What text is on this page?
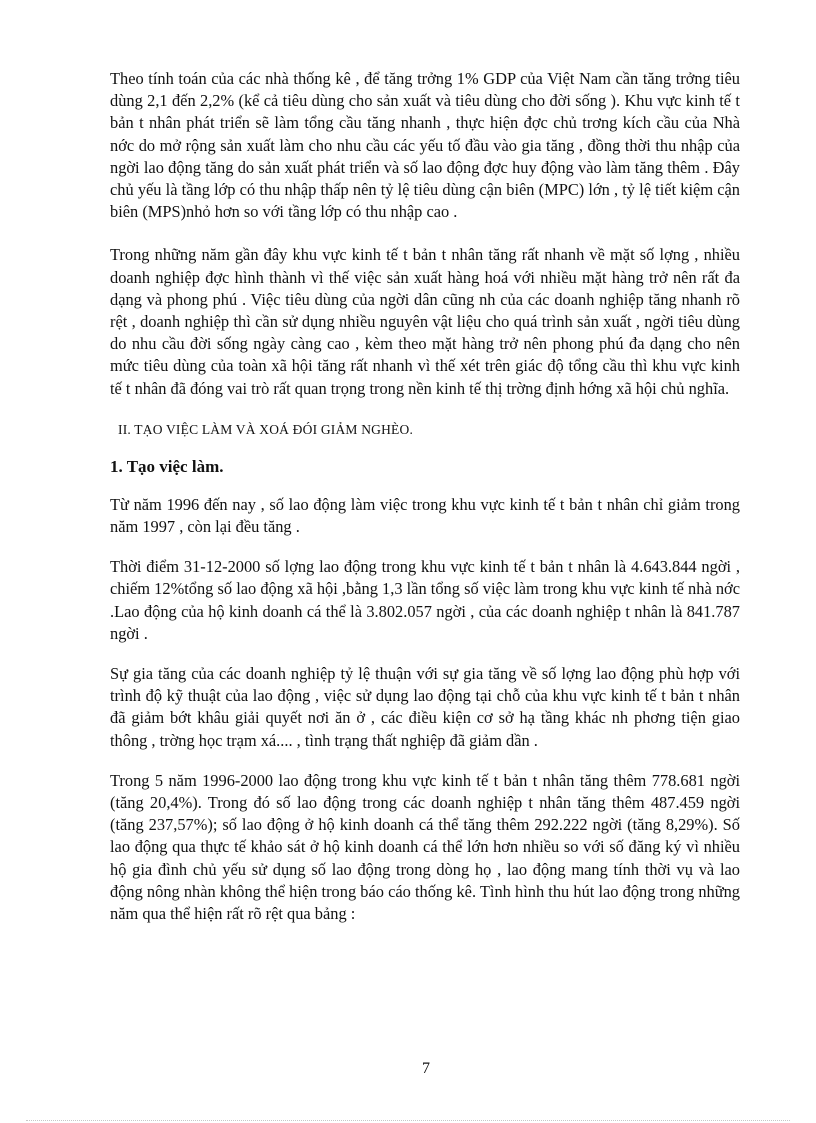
Theo tính toán của các nhà thống kê , để tăng trởng 1% GDP của Việt Nam cần tăng trởng tiêu dùng 2,1 đến 2,2% (kể cả tiêu dùng cho sản xuất và tiêu dùng cho đời sống ). Khu vực kinh tế t bản t nhân phát triển sẽ làm tổng cầu tăng nhanh , thực hiện đợc chủ trơng kích cầu của Nhà nớc do mở rộng sản xuất làm cho nhu cầu các yếu tố đầu vào gia tăng , đồng thời thu nhập của ngời lao động tăng do sản xuất phát triển và số lao động đợc huy động vào làm tăng thêm . Đây chủ yếu là tầng lớp có thu nhập thấp nên tỷ lệ tiêu dùng cận biên (MPC) lớn , tỷ lệ tiết kiệm cận biên (MPS)nhỏ hơn so với tầng lớp có thu nhập cao .

Trong những năm gần đây khu vực kinh tế t bản t nhân tăng rất nhanh về mặt số lợng , nhiều doanh nghiệp đợc hình thành vì thế việc sản xuất hàng hoá với nhiều mặt hàng trở nên rất đa dạng và phong phú . Việc tiêu dùng của ngời dân cũng nh của các doanh nghiệp tăng nhanh rõ rệt , doanh nghiệp thì cần sử dụng nhiều nguyên vật liệu cho quá trình sản xuất , ngời tiêu dùng do nhu cầu đời sống ngày càng cao , kèm theo mặt hàng trở nên phong phú đa dạng cho nên mức tiêu dùng của toàn xã hội tăng rất nhanh vì thế xét trên giác độ tổng cầu thì khu vực kinh tế t nhân đã đóng vai trò rất quan trọng trong nền kinh tế thị trờng định hớng xã hội chủ nghĩa.

II. TẠO VIỆC LÀM VÀ XOÁ ĐÓI GIẢM NGHÈO.
1. Tạo việc làm.

Từ năm 1996 đến nay , số lao động làm việc trong khu vực kinh tế t bản t nhân chỉ giảm trong năm 1997 , còn lại đều tăng .

Thời điểm 31-12-2000 số lợng lao động trong khu vực kinh tế t bản t nhân là 4.643.844 ngời , chiếm 12%tổng số lao động xã hội ,bằng 1,3 lần tổng số việc làm trong khu vực kinh tế nhà nớc .Lao động của hộ kinh doanh cá thể là 3.802.057 ngời , của các doanh nghiệp t nhân là 841.787 ngời .

Sự gia tăng của các doanh nghiệp tỷ lệ thuận với sự gia tăng về số lợng lao động phù hợp với trình độ kỹ thuật của lao động , việc sử dụng lao động tại chỗ của khu vực kinh tế t bản t nhân đã giảm bớt khâu giải quyết nơi ăn ở , các điều kiện cơ sở hạ tầng khác nh phơng tiện giao thông , trờng học trạm xá.... , tình trạng thất nghiệp đã giảm dần .

Trong 5 năm 1996-2000 lao động trong khu vực kinh tế t bản t nhân tăng thêm 778.681 ngời (tăng 20,4%). Trong đó số lao động trong các doanh nghiệp t nhân tăng thêm 487.459 ngời (tăng 237,57%); số lao động ở hộ kinh doanh cá thể tăng thêm 292.222 ngời (tăng 8,29%). Số lao động qua thực tế khảo sát ở hộ kinh doanh cá thể lớn hơn nhiều so với số đăng ký vì nhiều hộ gia đình chủ yếu sử dụng số lao động trong dòng họ , lao động mang tính thời vụ và lao động nông nhàn không thể hiện trong báo cáo thống kê. Tình hình thu hút lao động trong những năm qua thể hiện rất rõ rệt qua bảng :

7
